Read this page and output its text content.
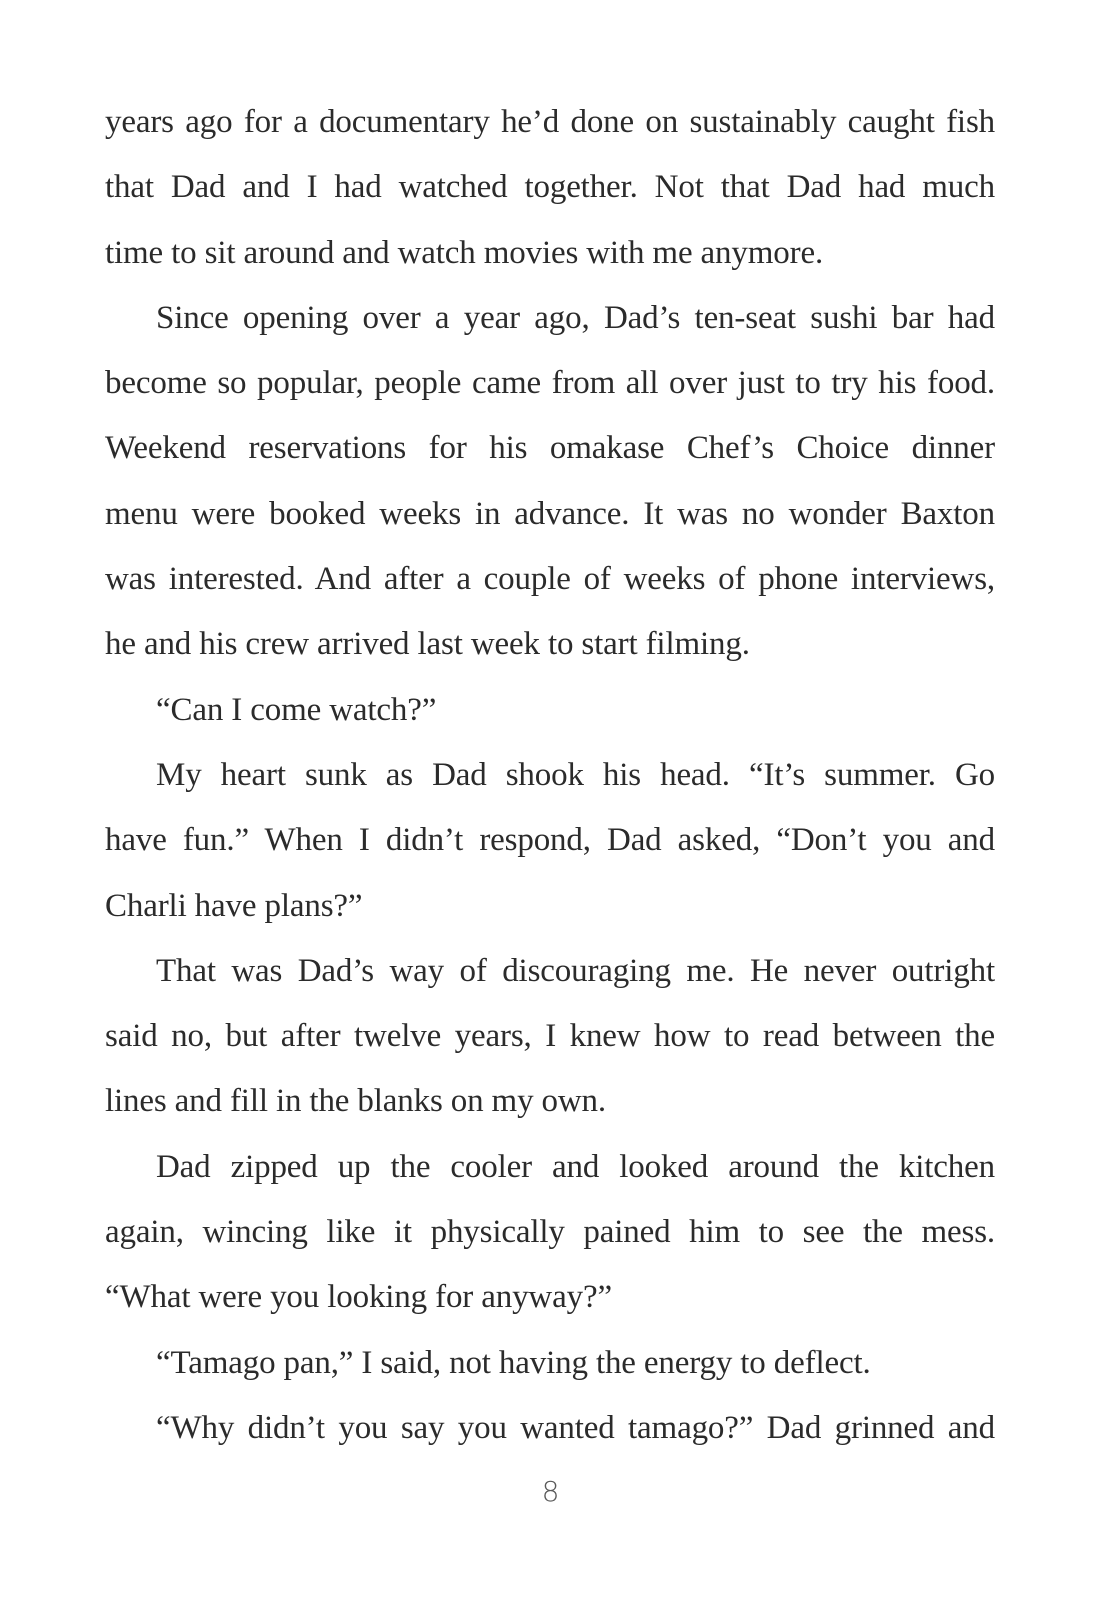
years ago for a documentary he’d done on sustainably caught fish
that Dad and I had watched together. Not that Dad had much
time to sit around and watch movies with me anymore.
Since opening over a year ago, Dad’s ten-seat sushi bar had
become so popular, people came from all over just to try his food.
Weekend reservations for his omakase Chef’s Choice dinner
menu were booked weeks in advance. It was no wonder Baxton
was interested. And after a couple of weeks of phone interviews,
he and his crew arrived last week to start filming.
“Can I come watch?”
My heart sunk as Dad shook his head. “It’s summer. Go
have fun.” When I didn’t respond, Dad asked, “Don’t you and
Charli have plans?”
That was Dad’s way of discouraging me. He never outright
said no, but after twelve years, I knew how to read between the
lines and fill in the blanks on my own.
Dad zipped up the cooler and looked around the kitchen
again, wincing like it physically pained him to see the mess.
“What were you looking for anyway?”
“Tamago pan,” I said, not having the energy to deflect.
“Why didn’t you say you wanted tamago?” Dad grinned and
8
